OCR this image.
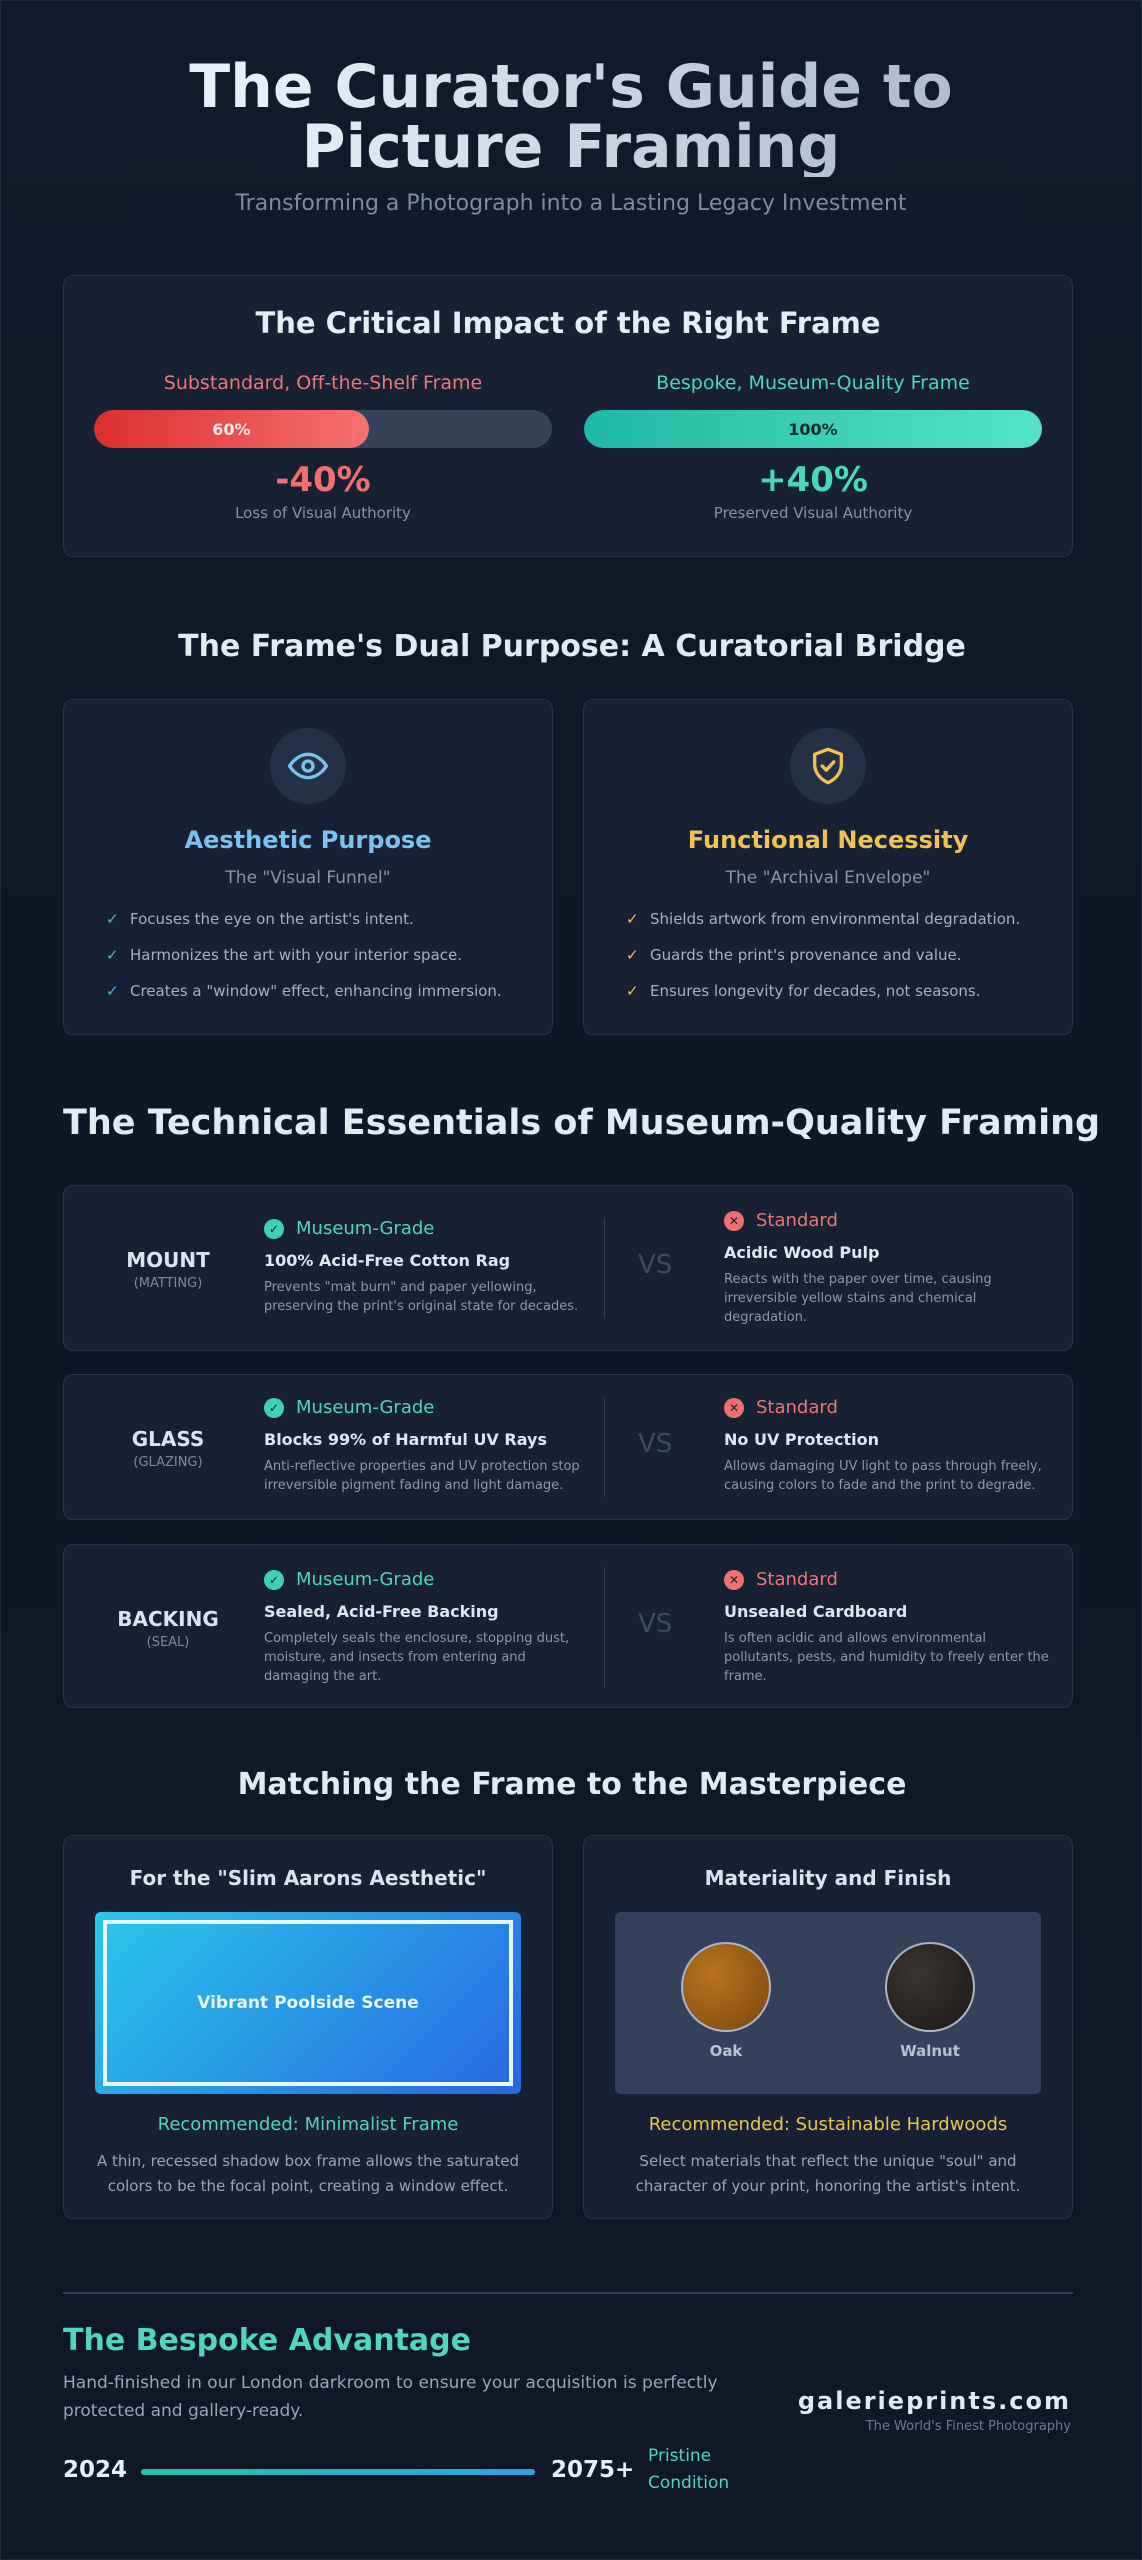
The Curator's Guide to Picture Framing
Transforming a Photograph into a Lasting Legacy Investment
The Critical Impact of the Right Frame
Substandard, Off-the-Shelf Frame
60%
-40%
Loss of Visual Authority
Bespoke, Museum-Quality Frame
100%
+40%
Preserved Visual Authority
The Frame's Dual Purpose: A Curatorial Bridge
Aesthetic Purpose
The "Visual Funnel"
✓ Focuses the eye on the artist's intent.
✓ Harmonizes the art with your interior space.
✓ Creates a "window" effect, enhancing immersion.
Functional Necessity
The "Archival Envelope"
✓ Shields artwork from environmental degradation.
✓ Guards the print's provenance and value.
✓ Ensures longevity for decades, not seasons.
The Technical Essentials of Museum-Quality Framing
MOUNT
(MATTING)
✓ Museum-Grade
100% Acid-Free Cotton Rag

Prevents "mat burn" and paper yellowing, preserving the print's original state for decades.

VS
✕ Standard
Acidic Wood Pulp

Reacts with the paper over time, causing irreversible yellow stains and chemical degradation.

GLASS
(GLAZING)
✓ Museum-Grade
Blocks 99% of Harmful UV Rays

Anti-reflective properties and UV protection stop irreversible pigment fading and light damage.

VS
✕ Standard
No UV Protection

Allows damaging UV light to pass through freely, causing colors to fade and the print to degrade.

BACKING
(SEAL)
✓ Museum-Grade
Sealed, Acid-Free Backing

Completely seals the enclosure, stopping dust, moisture, and insects from entering and damaging the art.

VS
✕ Standard
Unsealed Cardboard

Is often acidic and allows environmental pollutants, pests, and humidity to freely enter the frame.

Matching the Frame to the Masterpiece
For the "Slim Aarons Aesthetic"
Vibrant Poolside Scene
Recommended: Minimalist Frame
A thin, recessed shadow box frame allows the saturated colors to be the focal point, creating a window effect.
Materiality and Finish
Oak	Walnut
Recommended: Sustainable Hardwoods
Select materials that reflect the unique "soul" and character of your print, honoring the artist's intent.
The Bespoke Advantage
Hand-finished in our London darkroom to ensure your acquisition is perfectly protected and gallery-ready.
2024	2075+
Pristine Condition
galerieprints.com
The World's Finest Photography
